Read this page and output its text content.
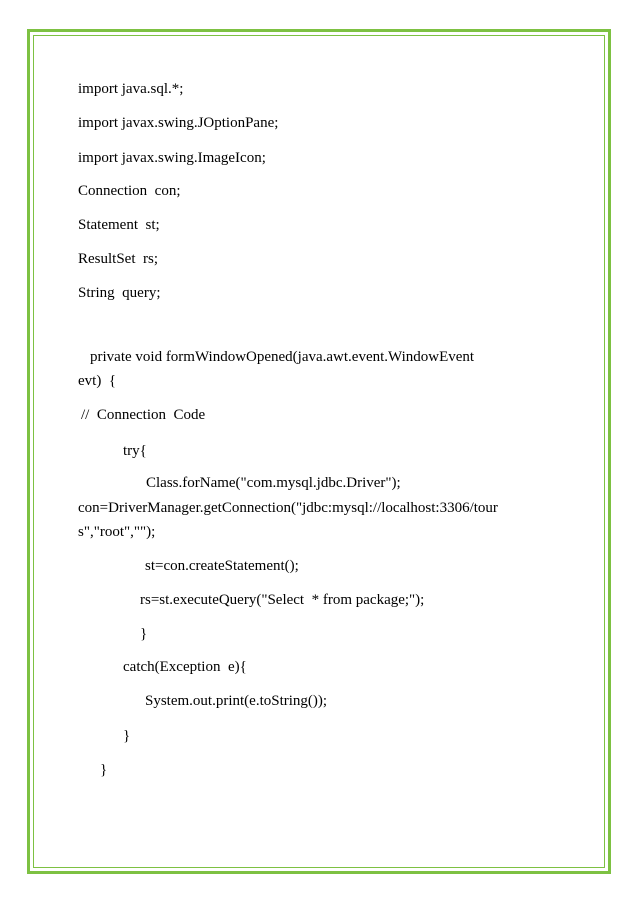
import java.sql.*;
import javax.swing.JOptionPane;
import javax.swing.ImageIcon;
Connection  con;
Statement  st;
ResultSet  rs;
String  query;
private void formWindowOpened(java.awt.event.WindowEvent
evt)  {
//  Connection  Code
try{
Class.forName("com.mysql.jdbc.Driver");
con=DriverManager.getConnection("jdbc:mysql://localhost:3306/tour
s","root","");
st=con.createStatement();
rs=st.executeQuery("Select  * from package;");
}
catch(Exception  e){
System.out.print(e.toString());
}
}
